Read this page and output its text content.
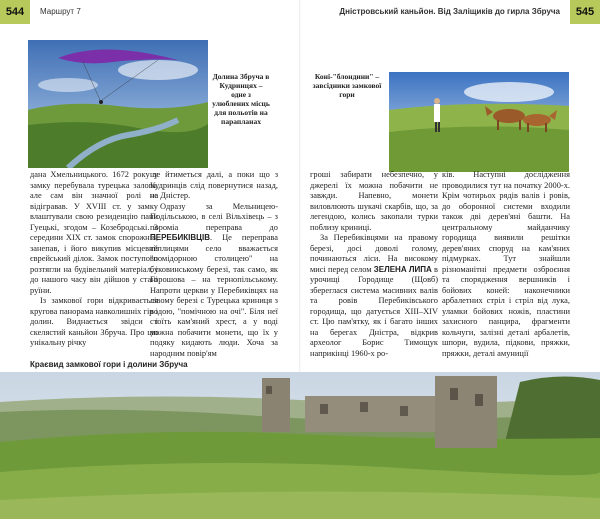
544	Маршрут 7	Дністровський каньйон. Від Заліщиків до гирла Збруча	545
Долина Збруча в Кудринцях – одне з улюблених місць для польотів на парапланах
Коні-"блондини" – завсідники замкової гори

дана Хмельницького. 1672 року у замку перебувала турецька залога, але сам він значної ролі не відігравав. У XVIII ст. у замку влаштували свою резиденцію пани Гуецькі, згодом – Козебродські. З середини XIX ст. замок спорожнів, занепав, і його викупив місцевий єврейський ділок. Замок поступово розтягли на будівельний матеріал, і до нашого часу він дійшов у стані руїни.

Із замкової гори відкривається кругова панорама навколишніх гір і долин. Виднається звідси і скелястий каньйон Збруча. Про цю унікальну річку

ще йтиметься далі, а поки що з Кудринців слід повернутися назад, на Дністер.

Одразу за Мельницею-Подільською, в селі Вільхівець – з пороміа переправа до ПЕРЕБИКІВЦІВ. Це переправа теплицями село вважається "помідорною столицею" на буковинському березі, так само, як Горошова – на тернопільському. Напроти церкви у Перебиківцях на лівому березі с Турецька криниця з водою, "помічною на очі". Біля неї стоїть кам'яний хрест, а у воді можна побачити монети, що їх у подяку кидають люди. Хоча за народним повір'ям

гроші забирати небезпечно, у джерелі їх можна побачити не завжди. Напевно, монети виловлюють шукачі скарбів, що, за легендою, колись закопали турки поблизу криниці.

За Перебиківцями на правому березі, досі доволі голому, починаються ліси. На високому мисі перед селом ЗЕЛЕНА ЛИПА в урочищі Городище (Щовб) збереглася система масивних валів та ровів Перебиківського городища, що датується XIII–XIV ст. Цю пам'ятку, як і багато інших на берегах Дністра, відкрив археолог Борис Тимощук наприкінці 1960-х ро-

ків. Наступні дослідження проводилися тут на початку 2000-х. Крім чотирьох рядів валів і ровів, до оборонної системи входили також дві дерев'яні башти. На центральному майданчику городища виявили решітки дерев'яних споруд на кам'яних підмурках. Тут знайшли різноманітні предмети озброєння та спорядження вершників і бойових коней: наконечники арбалетних стріл і стріл від лука, уламки бойових ножів, пластини захисного панцира, фрагменти кольчуги, залізні деталі арбалетів, шпори, вудила, підкови, пряжки, пряжки, деталі амуниції

Краєвид замкової гори і долини Збруча
